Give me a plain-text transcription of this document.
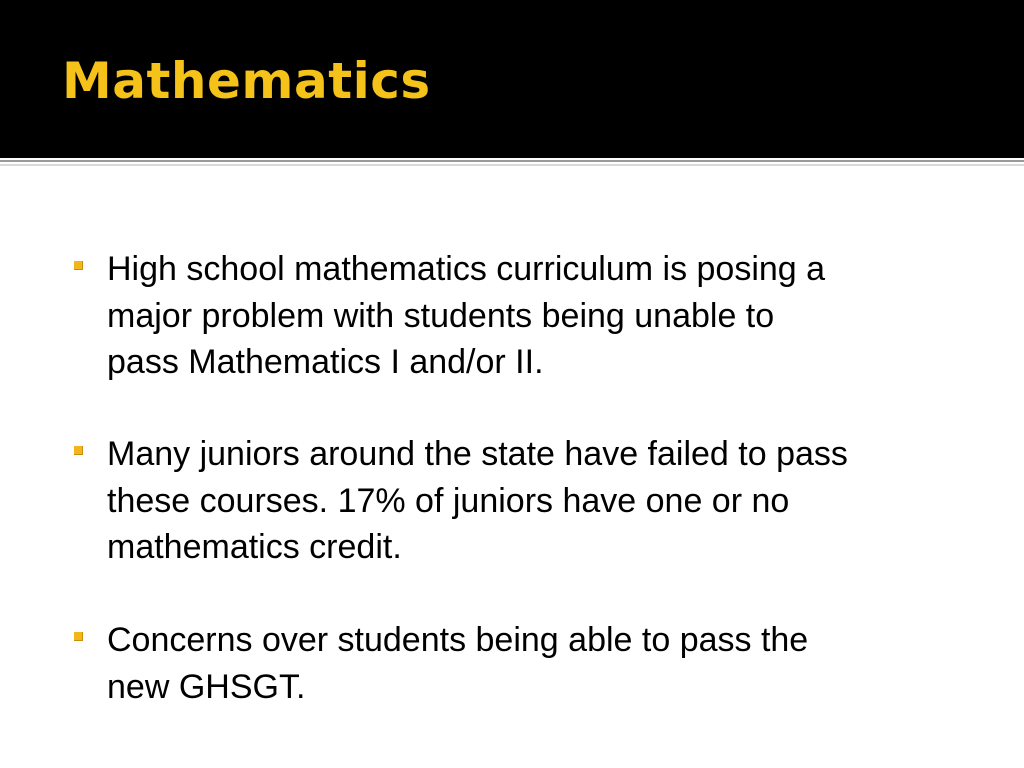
Mathematics
High school mathematics curriculum is posing a
major problem with students being unable to
pass Mathematics I and/or II.
Many juniors around the state have failed to pass
these courses. 17% of juniors have one or no
mathematics credit.
Concerns over students being able to pass the
new GHSGT.
